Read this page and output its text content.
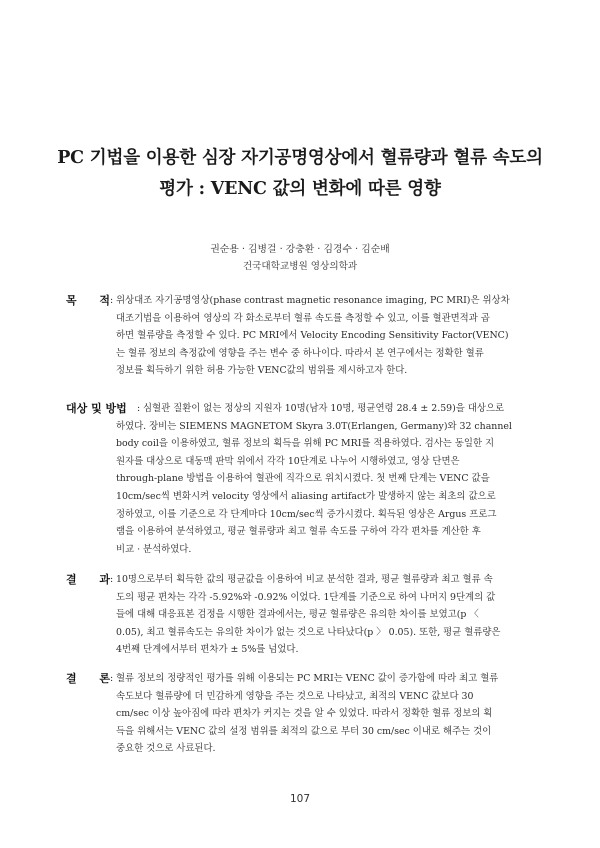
PC 기법을 이용한 심장 자기공명영상에서 혈류량과 혈류 속도의
평가 : VENC 값의 변화에 따른 영향
권순용 · 김병걸 · 강충환 · 김경수 · 김순배
건국대학교병원 영상의학과
목 적 : 위상대조 자기공명영상(phase contrast magnetic resonance imaging, PC MRI)은 위상차
대조기법을 이용하여 영상의 각 화소로부터 혈류 속도를 측정할 수 있고, 이를 혈관면적과 곱
하면 혈류량을 측정할 수 있다. PC MRI에서 Velocity Encoding Sensitivity Factor(VENC)
는 혈류 정보의 측정값에 영향을 주는 변수 중 하나이다. 따라서 본 연구에서는 정확한 혈류
정보를 획득하기 위한 허용 가능한 VENC값의 범위를 제시하고자 한다.
대상 및 방법	: 심혈관 질환이 없는 정상의 지원자 10명(남자 10명, 평균연령 28.4 ± 2.59)을 대상으로
하였다. 장비는 SIEMENS MAGNETOM Skyra 3.0T(Erlangen, Germany)와 32 channel
body coil을 이용하였고, 혈류 정보의 획득을 위해 PC MRI를 적용하였다. 검사는 동일한 지
원자를 대상으로 대동맥 판막 위에서 각각 10단계로 나누어 시행하였고, 영상 단면은
through-plane 방법을 이용하여 혈관에 직각으로 위치시켰다. 첫 번째 단계는 VENC 값을
10cm/sec씩 변화시켜 velocity 영상에서 aliasing artifact가 발생하지 않는 최초의 값으로
정하였고, 이를 기준으로 각 단계마다 10cm/sec씩 증가시켰다. 획득된 영상은 Argus 프로그
램을 이용하여 분석하였고, 평균 혈류량과 최고 혈류 속도를 구하여 각각 편차를 계산한 후
비교 · 분석하였다.
결 과 : 10명으로부터 획득한 값의 평균값을 이용하여 비교 분석한 결과, 평균 혈류량과 최고 혈류 속
도의 평균 편차는 각각 -5.92%와 -0.92% 이었다. 1단계를 기준으로 하여 나머지 9단계의 값
들에 대해 대응표본 검정을 시행한 결과에서는, 평균 혈류량은 유의한 차이를 보였고(p 〈
0.05), 최고 혈류속도는 유의한 차이가 없는 것으로 나타났다(p 〉 0.05). 또한, 평균 혈류량은
4번째 단계에서부터 편차가 ± 5%를 넘었다.
결 론 : 혈류 정보의 정량적인 평가를 위해 이용되는 PC MRI는 VENC 값이 증가함에 따라 최고 혈류
속도보다 혈류량에 더 민감하게 영향을 주는 것으로 나타났고, 최적의 VENC 값보다 30
cm/sec 이상 높아짐에 따라 편차가 커지는 것을 알 수 있었다. 따라서 정확한 혈류 정보의 획
득을 위해서는 VENC 값의 설정 범위를 최적의 값으로 부터 30 cm/sec 이내로 해주는 것이
중요한 것으로 사료된다.
107
